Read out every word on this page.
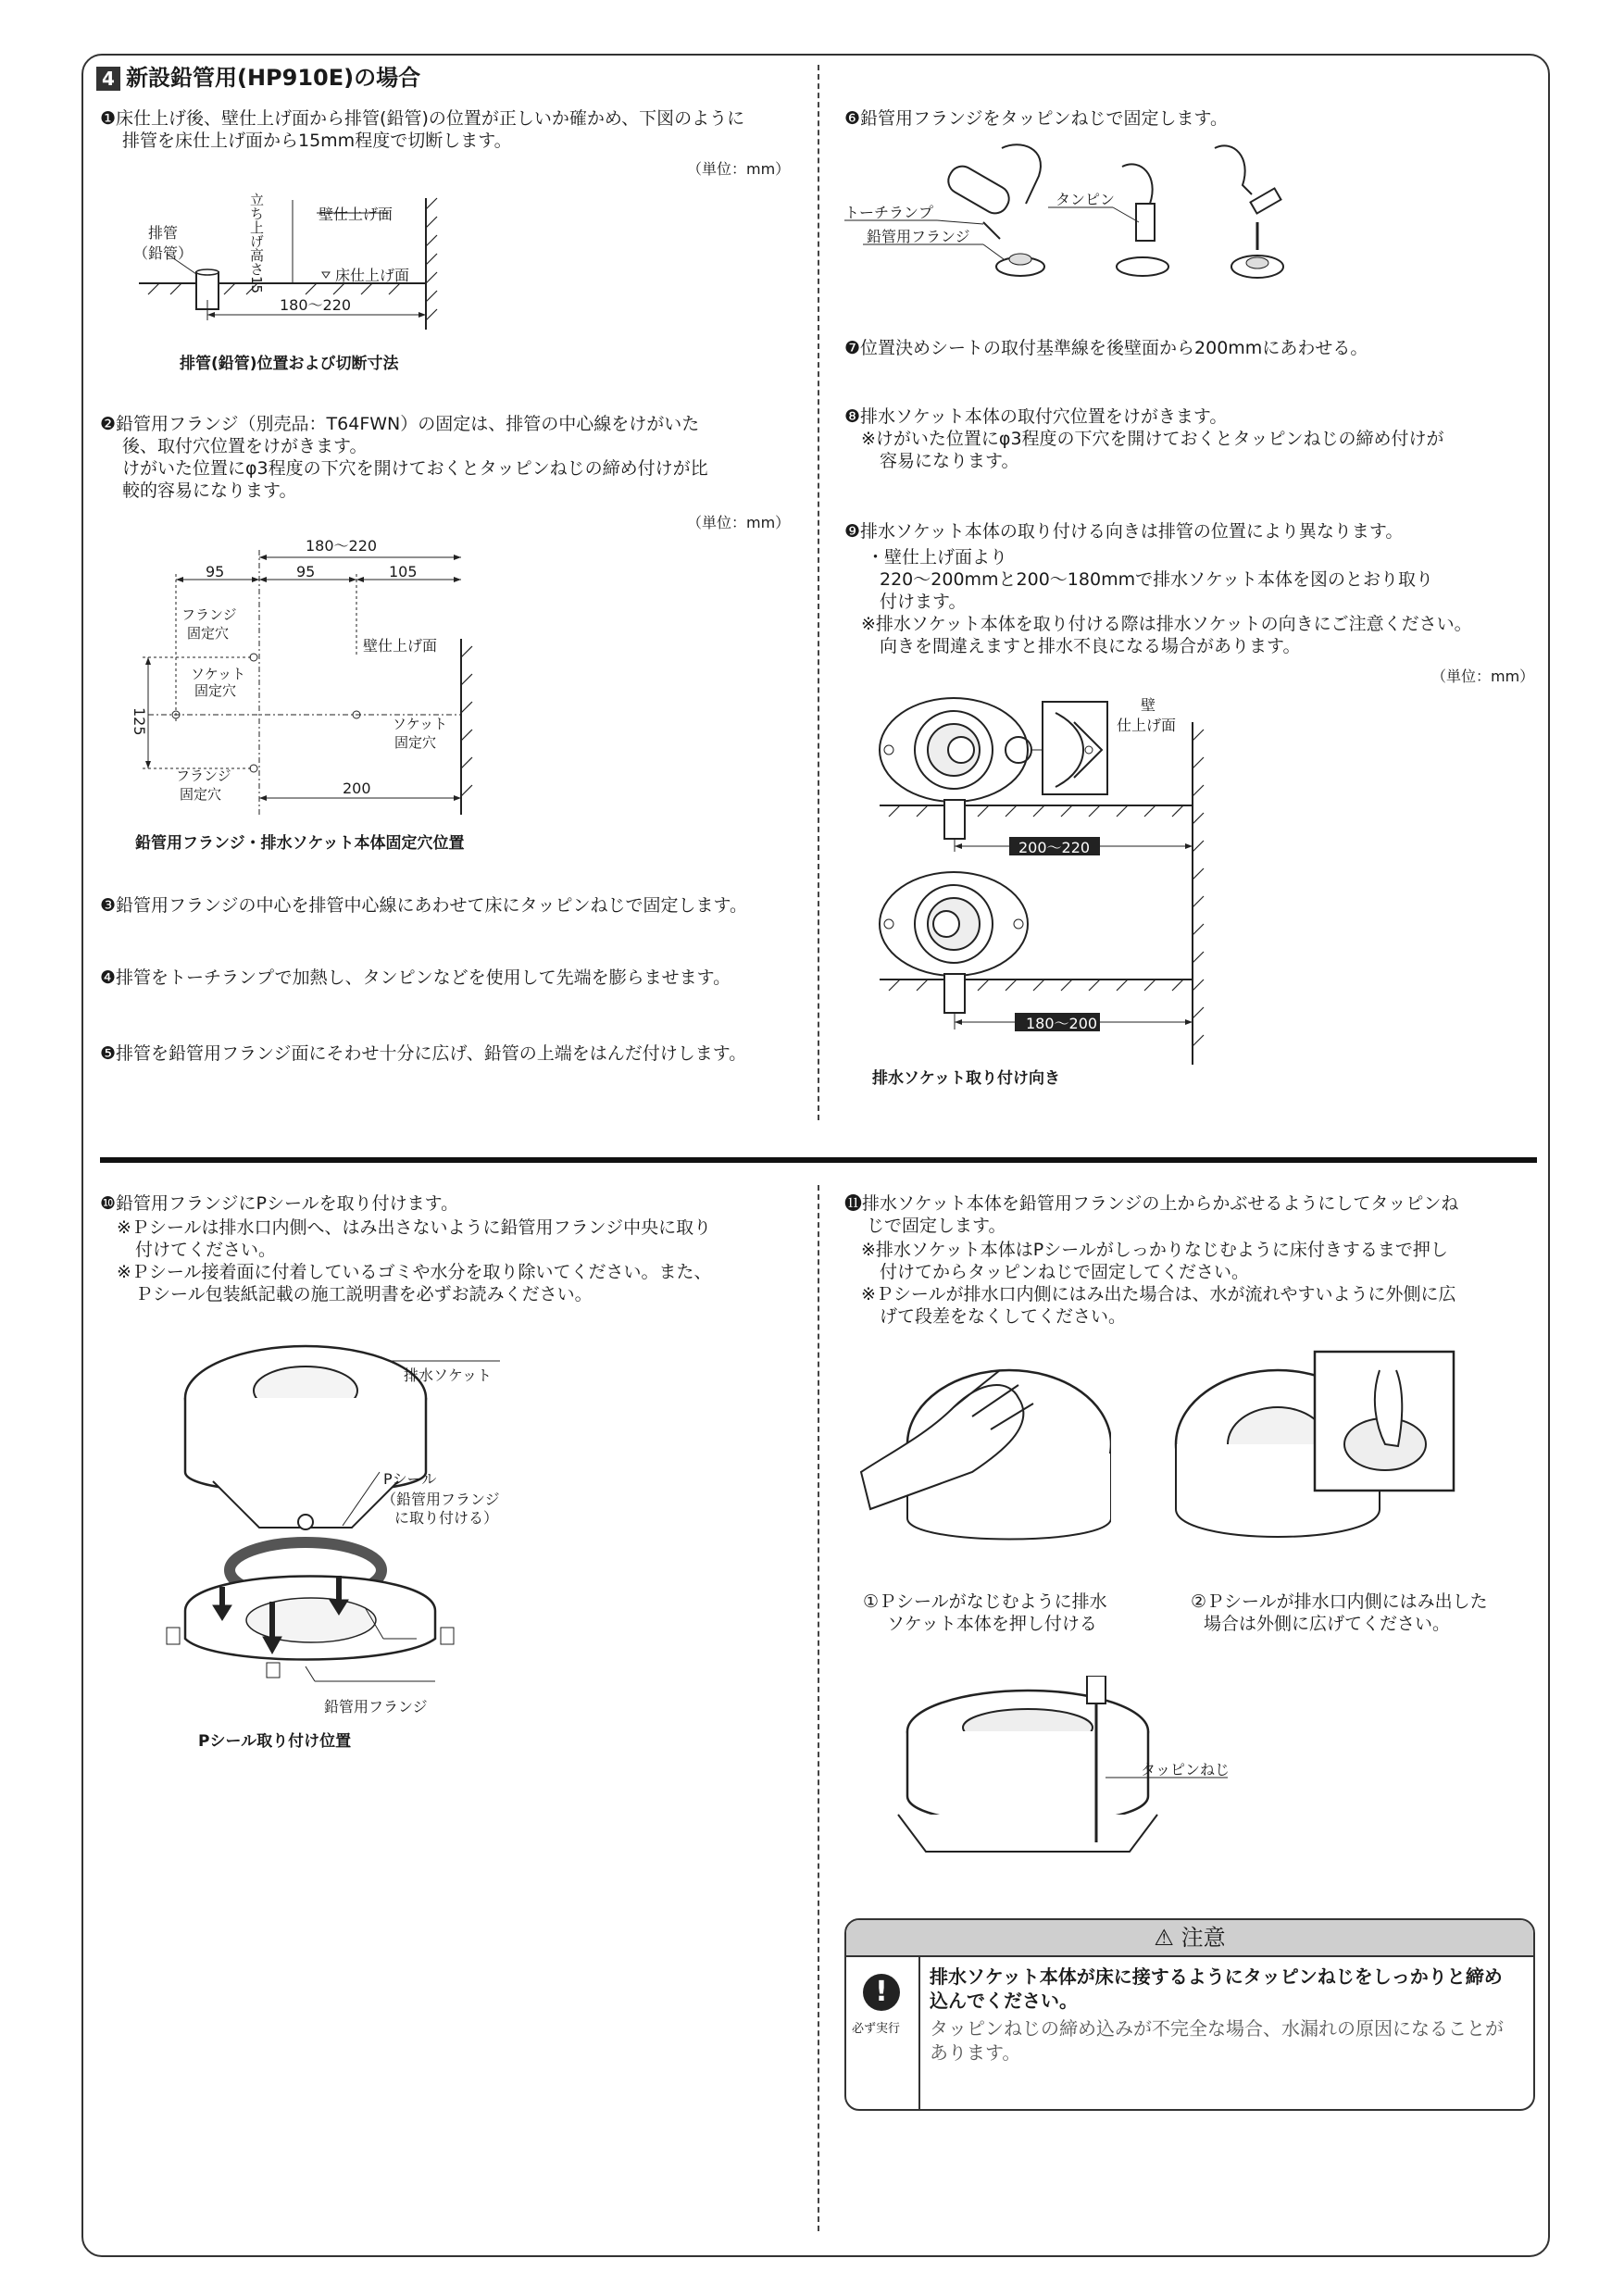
4 新設鉛管用(HP910E)の場合
❶床仕上げ後、壁仕上げ面から排管(鉛管)の位置が正しいか確かめ、下図のように
排管を床仕上げ面から15mm程度で切断します。
（単位：mm）
排管
（鉛管）	立ち上げ高さ15	壁仕上げ面
床仕上げ面
180〜220
排管(鉛管)位置および切断寸法
❷鉛管用フランジ（別売品：T64FWN）の固定は、排管の中心線をけがいた
後、取付穴位置をけがきます。
けがいた位置にφ3程度の下穴を開けておくとタッピンねじの締め付けが比
較的容易になります。
（単位：mm）
180〜220
95	95	105
フランジ
固定穴
壁仕上げ面
ソケット
固定穴
125	ソケット
固定穴
フランジ
固定穴	200
鉛管用フランジ・排水ソケット本体固定穴位置
❸鉛管用フランジの中心を排管中心線にあわせて床にタッピンねじで固定します。
❹排管をトーチランプで加熱し、タンピンなどを使用して先端を膨らませます。
❺排管を鉛管用フランジ面にそわせ十分に広げ、鉛管の上端をはんだ付けします。
❻鉛管用フランジをタッピンねじで固定します。
トーチランプ
タンピン
鉛管用フランジ
❼位置決めシートの取付基準線を後壁面から200mmにあわせる。
❽排水ソケット本体の取付穴位置をけがきます。
※けがいた位置にφ3程度の下穴を開けておくとタッピンねじの締め付けが
容易になります。
❾排水ソケット本体の取り付ける向きは排管の位置により異なります。
・壁仕上げ面より
220〜200mmと200〜180mmで排水ソケット本体を図のとおり取り
付けます。
※排水ソケット本体を取り付ける際は排水ソケットの向きにご注意ください。
向きを間違えますと排水不良になる場合があります。
（単位：mm）
壁
仕上げ面
200〜220
180〜200
排水ソケット取り付け向き
❿鉛管用フランジにPシールを取り付けます。
※Ｐシールは排水口内側へ、はみ出さないように鉛管用フランジ中央に取り
付けてください。
※Ｐシール接着面に付着しているゴミや水分を取り除いてください。また、
Ｐシール包装紙記載の施工説明書を必ずお読みください。
排水ソケット
Pシール
（鉛管用フランジ
に取り付ける）
鉛管用フランジ
Pシール取り付け位置
⓫排水ソケット本体を鉛管用フランジの上からかぶせるようにしてタッピンね
じで固定します。
※排水ソケット本体はPシールがしっかりなじむように床付きするまで押し
付けてからタッピンねじで固定してください。
※Ｐシールが排水口内側にはみ出た場合は、水が流れやすいように外側に広
げて段差をなくしてください。
①Ｐシールがなじむように排水
ソケット本体を押し付ける
②Ｐシールが排水口内側にはみ出した
場合は外側に広げてください。
タッピンねじ
⚠ 注意
!
必ず実行
排水ソケット本体が床に接するようにタッピンねじをしっかりと締め
込んでください。
タッピンねじの締め込みが不完全な場合、水漏れの原因になることが
あります。
